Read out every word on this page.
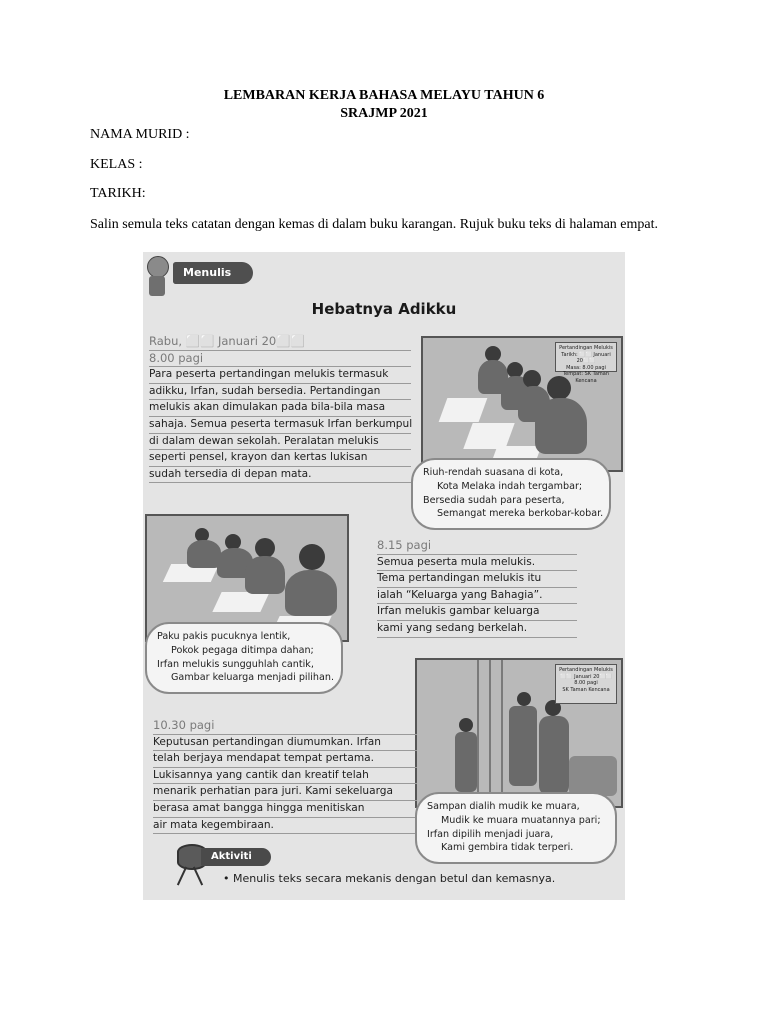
LEMBARAN KERJA BAHASA MELAYU TAHUN 6
SRAJMP 2021
NAMA MURID :
KELAS :
TARIKH:
Salin semula teks catatan dengan kemas di dalam buku karangan. Rujuk buku teks di halaman empat.
Menulis
Hebatnya Adikku
Rabu, ⬜⬜ Januari 20⬜⬜
8.00 pagi
Para peserta pertandingan melukis termasuk
adikku, Irfan, sudah bersedia. Pertandingan
melukis akan dimulakan pada bila-bila masa
sahaja. Semua peserta termasuk Irfan berkumpul
di dalam dewan sekolah. Peralatan melukis
seperti pensel, krayon dan kertas lukisan
sudah tersedia di depan mata.
Pertandingan Melukis
Tarikh: ⬜⬜ Januari 20⬜⬜
Masa: 8.00 pagi
Tempat: SK Taman Kencana
Riuh-rendah suasana di kota,
Kota Melaka indah tergambar;
Bersedia sudah para peserta,
Semangat mereka berkobar-kobar.
8.15 pagi
Semua peserta mula melukis.
Tema pertandingan melukis itu
ialah “Keluarga yang Bahagia”.
Irfan melukis gambar keluarga
kami yang sedang berkelah.
Paku pakis pucuknya lentik,
Pokok pegaga ditimpa dahan;
Irfan melukis sungguhlah cantik,
Gambar keluarga menjadi pilihan.
Pertandingan Melukis
⬜⬜ Januari 20⬜⬜
8.00 pagi
SK Taman Kencana
10.30 pagi
Keputusan pertandingan diumumkan. Irfan
telah berjaya mendapat tempat pertama.
Lukisannya yang cantik dan kreatif telah
menarik perhatian para juri. Kami sekeluarga
berasa amat bangga hingga menitiskan
air mata kegembiraan.
Sampan dialih mudik ke muara,
Mudik ke muara muatannya pari;
Irfan dipilih menjadi juara,
Kami gembira tidak terperi.
Aktiviti
• Menulis teks secara mekanis dengan betul dan kemasnya.
